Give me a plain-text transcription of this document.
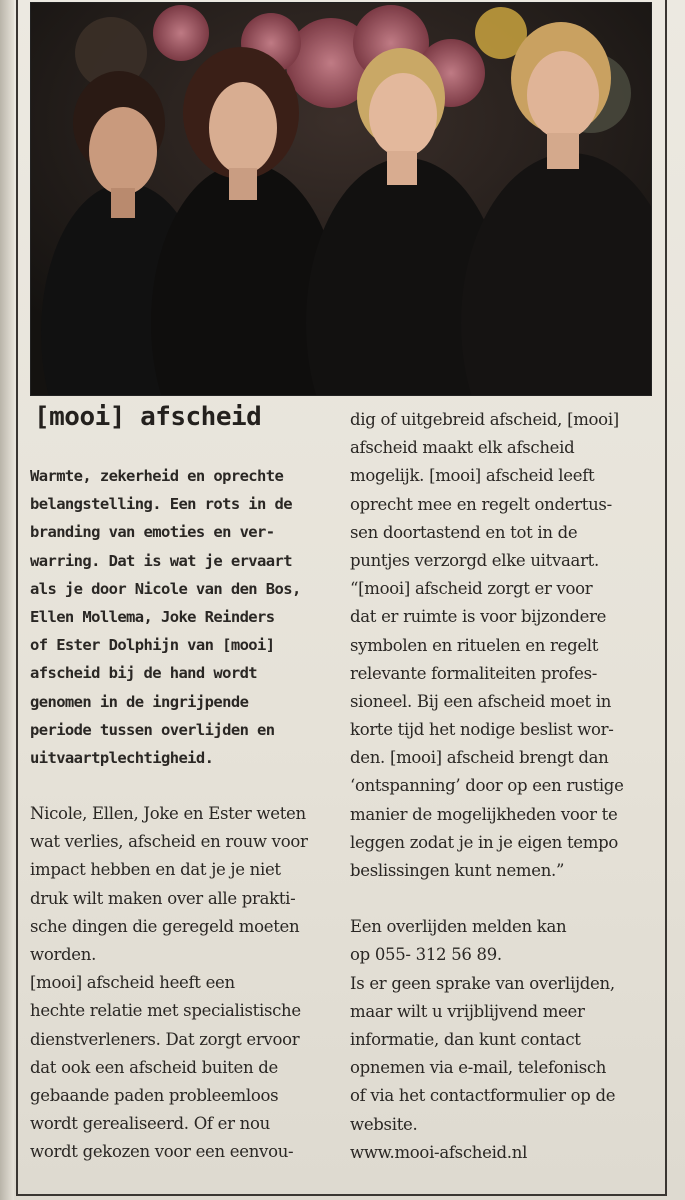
[mooi] afscheid
Warmte, zekerheid en oprechte
belangstelling. Een rots in de
branding van emoties en ver-
warring. Dat is wat je ervaart
als je door Nicole van den Bos,
Ellen Mollema, Joke Reinders
of Ester Dolphijn van [mooi]
afscheid bij de hand wordt
genomen in de ingrijpende
periode tussen overlijden en
uitvaartplechtigheid.
Nicole, Ellen, Joke en Ester weten
wat verlies, afscheid en rouw voor
impact hebben en dat je je niet
druk wilt maken over alle prakti-
sche dingen die geregeld moeten
worden.
[mooi] afscheid heeft een
hechte relatie met specialistische
dienstverleners. Dat zorgt ervoor
dat ook een afscheid buiten de
gebaande paden probleemloos
wordt gerealiseerd. Of er nou
wordt gekozen voor een eenvou-
dig of uitgebreid afscheid, [mooi]
afscheid maakt elk afscheid
mogelijk. [mooi] afscheid leeft
oprecht mee en regelt ondertus-
sen doortastend en tot in de
puntjes verzorgd elke uitvaart.
“[mooi] afscheid zorgt er voor
dat er ruimte is voor bijzondere
symbolen en rituelen en regelt
relevante formaliteiten profes-
sioneel. Bij een afscheid moet in
korte tijd het nodige beslist wor-
den. [mooi] afscheid brengt dan
‘ontspanning’ door op een rustige
manier de mogelijkheden voor te
leggen zodat je in je eigen tempo
beslissingen kunt nemen.”
Een overlijden melden kan
op 055- 312 56 89.
Is er geen sprake van overlijden,
maar wilt u vrijblijvend meer
informatie, dan kunt contact
opnemen via e-mail, telefonisch
of via het contactformulier op de
website.
www.mooi-afscheid.nl
